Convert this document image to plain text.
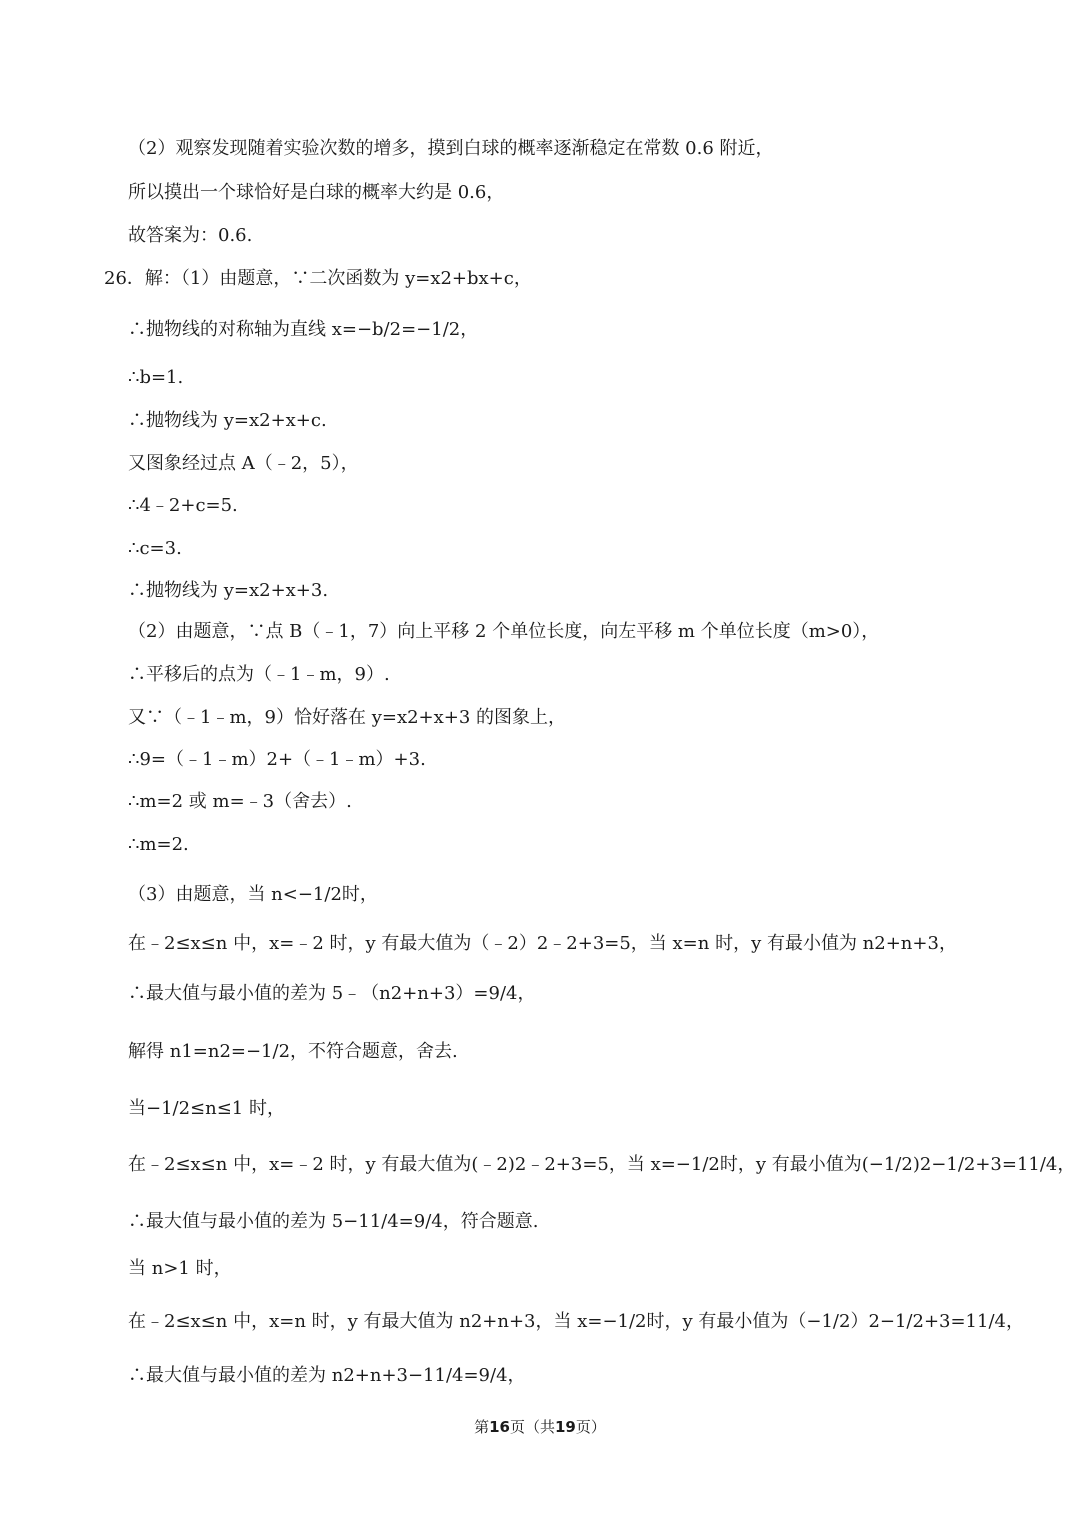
（2）观察发现随着实验次数的增多，摸到白球的概率逐渐稳定在常数 0.6 附近，
所以摸出一个球恰好是白球的概率大约是 0.6，
故答案为：0.6.
26．解：（1）由题意，∵二次函数为 y=x2+bx+c，
∴抛物线的对称轴为直线 x=−b/2=−1/2，
∴b=1.
∴抛物线为 y=x2+x+c.
又图象经过点 A（﹣2，5），
∴4﹣2+c=5.
∴c=3.
∴抛物线为 y=x2+x+3.
（2）由题意，∵点 B（﹣1，7）向上平移 2 个单位长度，向左平移 m 个单位长度（m>0），
∴平移后的点为（﹣1﹣m，9）.
又∵（﹣1﹣m，9）恰好落在 y=x2+x+3 的图象上，
∴9=（﹣1﹣m）2+（﹣1﹣m）+3.
∴m=2 或 m=﹣3（舍去）.
∴m=2.
（3）由题意，当 n<−1/2时，
在﹣2≤x≤n 中，x=﹣2 时，y 有最大值为（﹣2）2﹣2+3=5，当 x=n 时，y 有最小值为 n2+n+3，
∴最大值与最小值的差为 5﹣（n2+n+3）=9/4，
解得 n1=n2=−1/2，不符合题意，舍去.
当−1/2≤n≤1 时，
在﹣2≤x≤n 中，x=﹣2 时，y 有最大值为(﹣2)2﹣2+3=5，当 x=−1/2时，y 有最小值为(−1/2)2−1/2+3=11/4，
∴最大值与最小值的差为 5−11/4=9/4，符合题意.
当 n>1 时，
在﹣2≤x≤n 中，x=n 时，y 有最大值为 n2+n+3，当 x=−1/2时，y 有最小值为（−1/2）2−1/2+3=11/4，
∴最大值与最小值的差为 n2+n+3−11/4=9/4，
第16页（共19页）
